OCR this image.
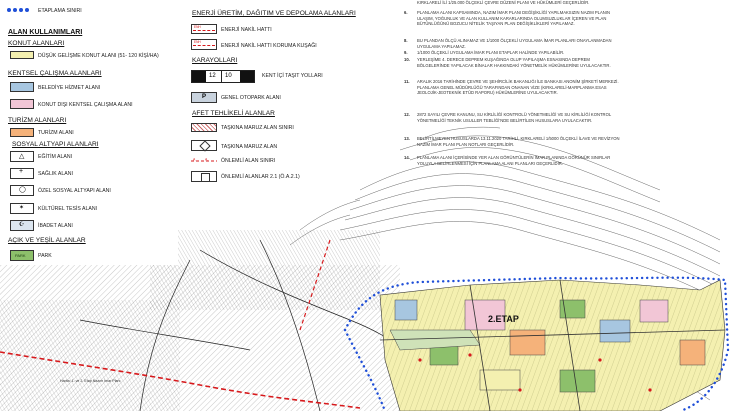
2.ETAP
Harita: 1. ve 2. Etap Nazım İmar Planı
ETAPLAMA SINIRI
ALAN KULLANIMLARI
KONUT ALANLARI
DÜŞÜK GELİŞME KONUT ALANI (51- 120 KİŞİ/HA)
KENTSEL ÇALIŞMA ALANLARI
BELEDİYE HİZMET ALANI
KONUT DIŞI KENTSEL ÇALIŞMA ALANI
TURİZM ALANLARI
TURİZM ALANI
SOSYAL ALTYAPI ALANLARI
△	EĞİTİM ALANI
+	SAĞLIK ALANI
◯ ÖZEL SOSYAL ALTYAPI ALANI
✶	KÜLTÜREL TESİS ALANI
☪	İBADET ALANI
AÇIK VE YEŞİL ALANLAR
PARK PARK
ENERJİ ÜRETİM, DAĞITIM VE DEPOLAMA ALANLARI
ENH	ENERJİ NAKİL HATTI
ENH
ENERJİ NAKİL HATTI KORUMA KUŞAĞI
KARAYOLLARI
12 10	KENT İÇİ TAŞIT YOLLARI
P	GENEL OTOPARK ALANI
AFET TEHLİKELİ ALANLAR
TAŞKINA MARUZ ALAN SINIRI
TAŞKINA MARUZ ALAN
A	A	ÖNLEMLİ ALAN SINIRI
ÖNLEMLİ ALANLAR 2.1 (Ö.A.2.1)
KIRKLARELİ İLİ 1/25.000 ÖLÇEKLİ ÇEVRE DÜZENİ PLANI VE HÜKÜMLERİ GEÇERLİDİR.
6. PLANLAMA ALANI KAPSAMINDA, NAZIM İMAR PLANI DEĞİŞİKLİĞİ YAPILMAKSIZIN NAZIM PLANIN ULAŞIM, YOĞUNLUK VE ALAN KULLANIM KARARLARINDA OLUMSUZLUKLAR İÇEREN VE PLAN BÜTÜNLÜĞÜNÜ BOZUCU NİTELİK TAŞIYAN PLAN DEĞİŞİKLİKLERİ YAPILAMAZ.
8. BU PLANDAN ÖLÇÜ ALINAMAZ VE 1/1000 ÖLÇEKLİ UYGULAMA İMAR PLANLARI ONAYLANMADAN UYGULAMA YAPILAMAZ.
9. 1/1000 ÖLÇEKLİ UYGULAMA İMAR PLANI ETAPLAR HALİNDE YAPILABİLİR.
10. YERLEŞİME 4. DERECE DEPREM KUŞAĞINDA OLUP YAPILAŞMA ESNASINDA DEPREM BÖLGELERİNDE YAPILACAK BİNALAR HAKKINDAKİ YÖNETMELİK HÜKÜMLERİNE UYULACAKTIR.
11. ARALIK 2016 TARİHİNDE ÇEVRE VE ŞEHİRCİLİK BAKANLIĞI İLE BANKASI ANONİM ŞİRKETİ MERKEZİ. PLANLAMA GENEL MÜDÜRLÜĞÜ TARAFINDAN ONANAN VİZE (KIRKLARELİ-MARPLANMA ESAS JEOLOJİK-JEOTEKNİK ETÜD RAPORU) HÜKÜMLERİNE UYULACAKTIR.
12. 2872 SAYILI ÇEVRE KANUNU, SU KİRLİLİĞİ KONTROLÜ YÖNETMELİĞİ VE SU KİRLİLİĞİ KONTROL YÖNETMELİĞİ TEKNİK USULLER TEBLİĞİ'NDE BELİRTİLEN HUSUSLARA UYULACAKTIR.
13. BELİRTİLMEYEN HUSUSLARDA 13.11.2020 TARİHLİ, KIRKLARELİ 1/5000 ÖLÇEKLİ İLAVE VE REVİZYON NAZIM İMAR PLANI PLAN NOTLARI GEÇERLİDİR.
14. PLANLAMA ALANI İÇERİSİNDE YER ALAN GÖRÜNTÜLERİN İMAR PLANINDA GÖRÜNÜR SINIRLAR YOLUYLA BELİRLENMESİ İÇİN PLANLAMA ALANI PLANLARI GEÇERLİDİR.
